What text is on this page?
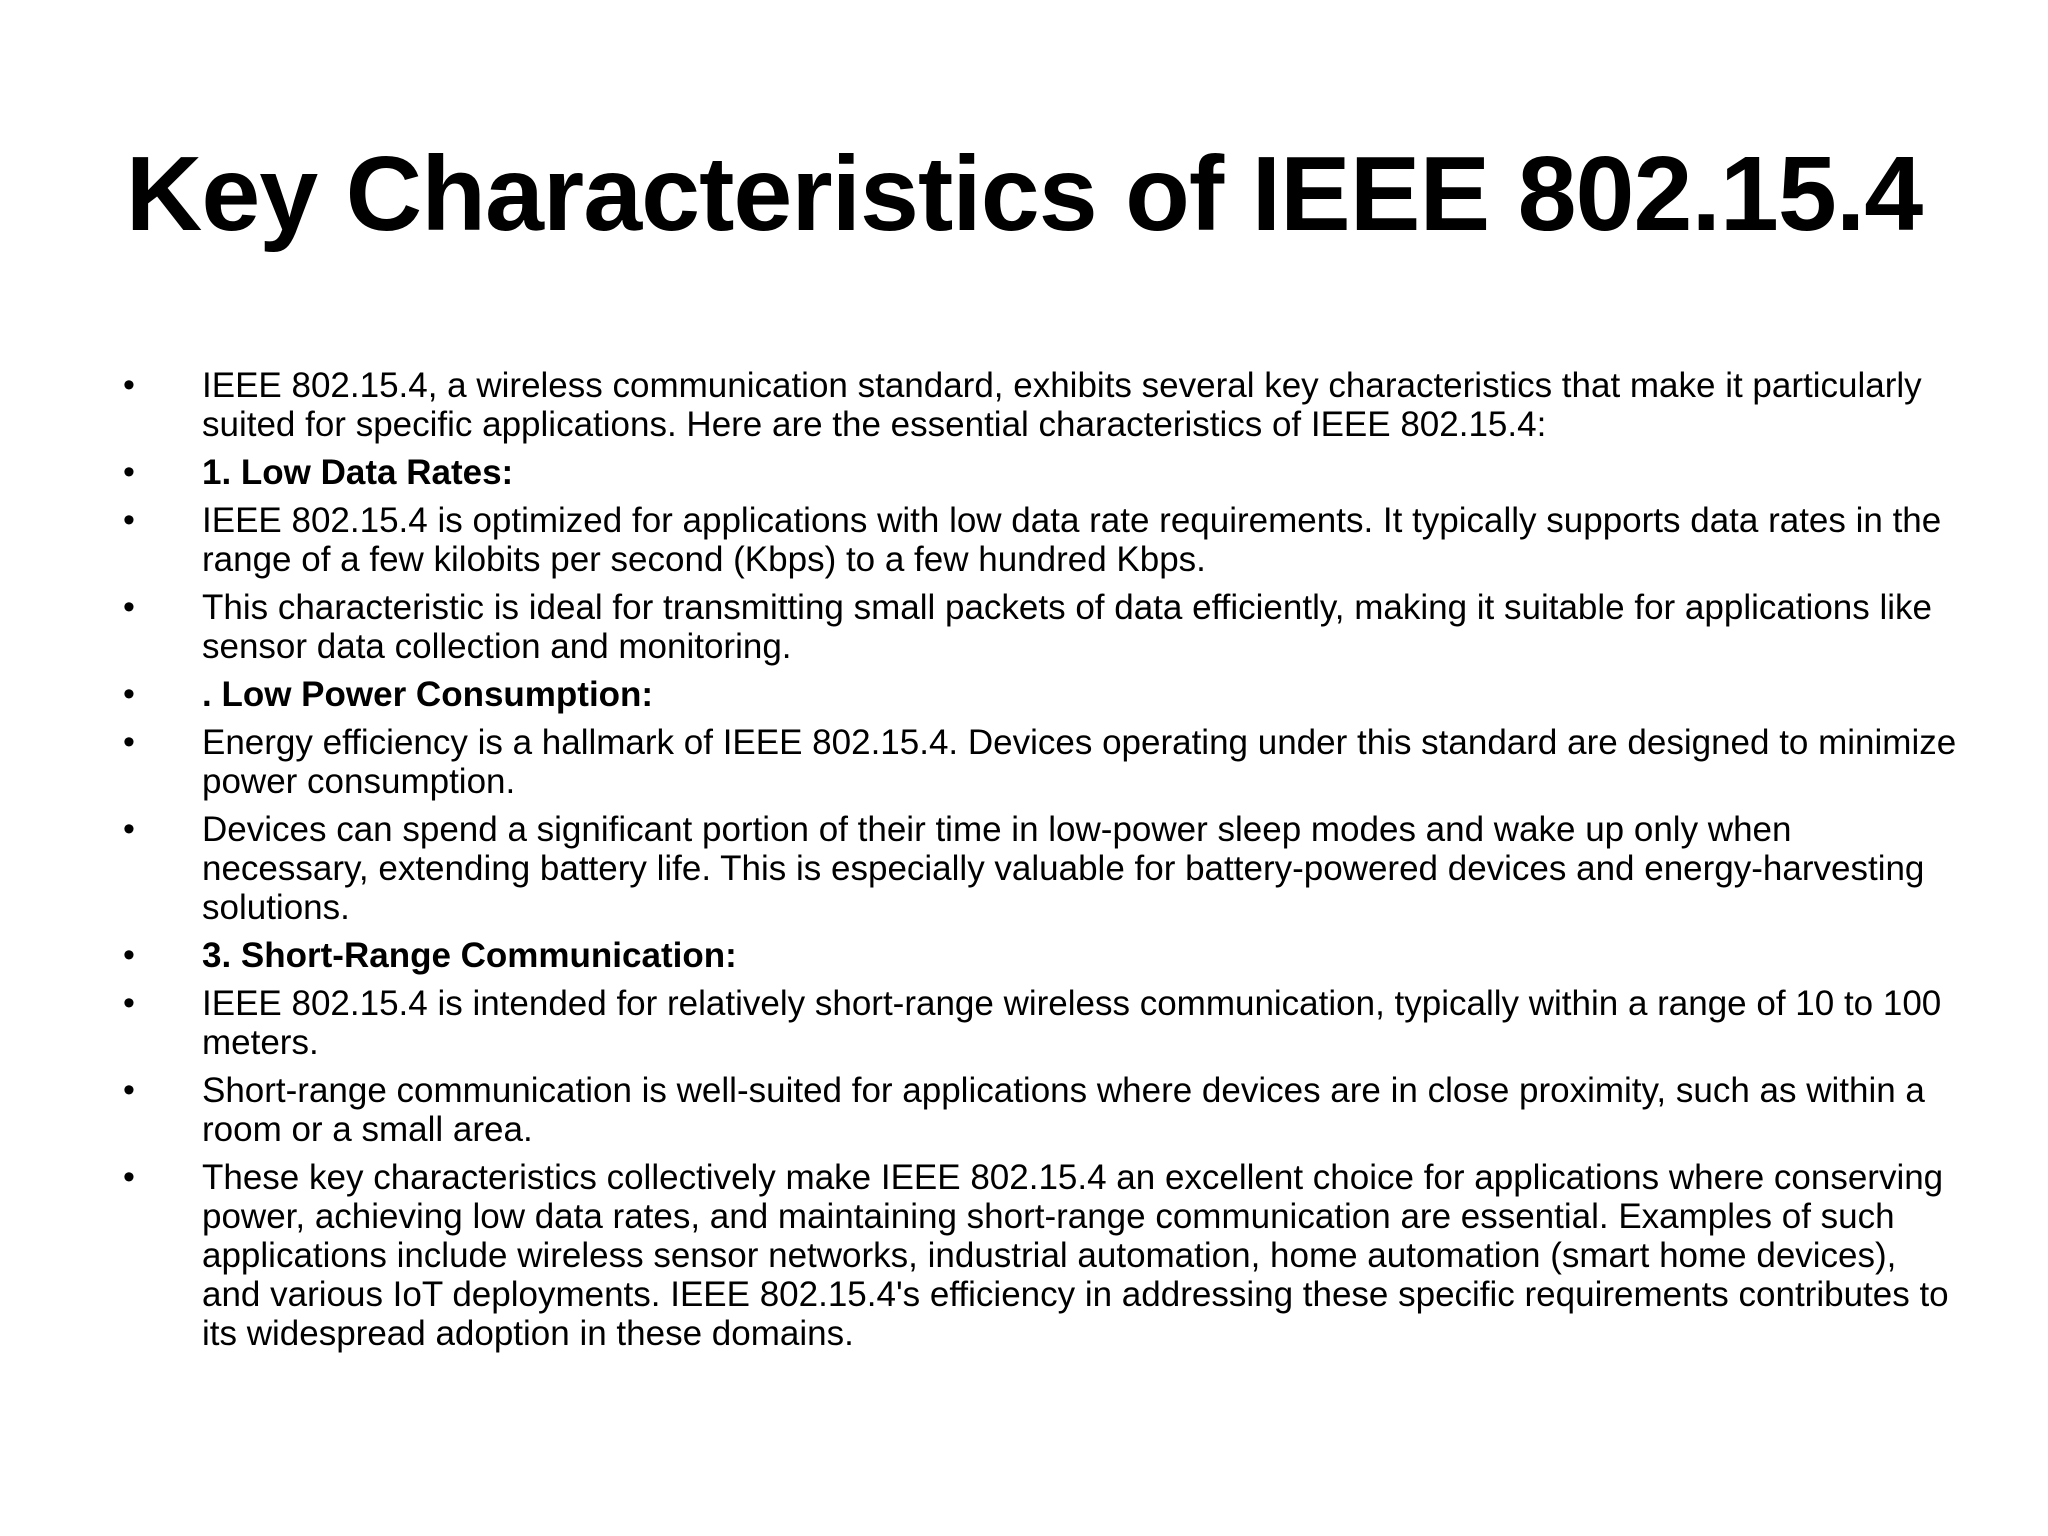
Key Characteristics of IEEE 802.15.4
•	IEEE 802.15.4, a wireless communication standard, exhibits several key characteristics that make it particularly suited for specific applications. Here are the essential characteristics of IEEE 802.15.4:
•	1. Low Data Rates:
•	IEEE 802.15.4 is optimized for applications with low data rate requirements. It typically supports data rates in the range of a few kilobits per second (Kbps) to a few hundred Kbps.
•	This characteristic is ideal for transmitting small packets of data efficiently, making it suitable for applications like sensor data collection and monitoring.
•	. Low Power Consumption:
•	Energy efficiency is a hallmark of IEEE 802.15.4. Devices operating under this standard are designed to minimize power consumption.
•	Devices can spend a significant portion of their time in low-power sleep modes and wake up only when necessary, extending battery life. This is especially valuable for battery-powered devices and energy-harvesting solutions.
•	3. Short-Range Communication:
•	IEEE 802.15.4 is intended for relatively short-range wireless communication, typically within a range of 10 to 100 meters.
•	Short-range communication is well-suited for applications where devices are in close proximity, such as within a room or a small area.
•	These key characteristics collectively make IEEE 802.15.4 an excellent choice for applications where conserving power, achieving low data rates, and maintaining short-range communication are essential. Examples of such applications include wireless sensor networks, industrial automation, home automation (smart home devices), and various IoT deployments. IEEE 802.15.4's efficiency in addressing these specific requirements contributes to its widespread adoption in these domains.
